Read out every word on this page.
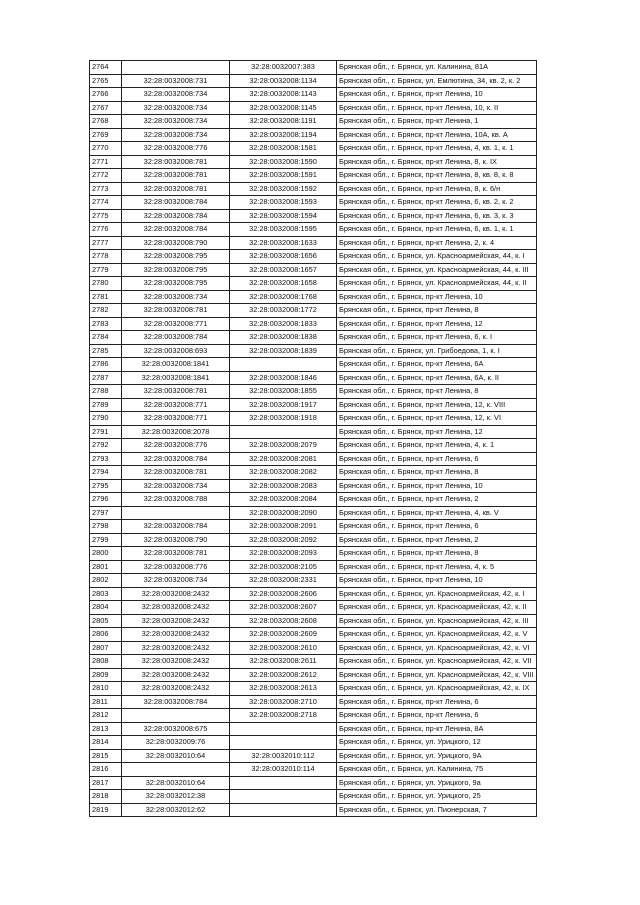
2764		32:28:0032007:383	Брянская обл., г. Брянск, ул. Калинина, 81А
2765	32:28:0032008:731	32:28:0032008:1134	Брянская обл., г. Брянск, ул. Емлютина, 34, кв. 2, к. 2
2766	32:28:0032008:734	32:28:0032008:1143	Брянская обл., г. Брянск, пр-кт Ленина, 10
2767	32:28:0032008:734	32:28:0032008:1145	Брянская обл., г. Брянск, пр-кт Ленина, 10, к. II
2768	32:28:0032008:734	32:28:0032008:1191	Брянская обл., г. Брянск, пр-кт Ленина, 1
2769	32:28:0032008:734	32:28:0032008:1194	Брянская обл., г. Брянск, пр-кт Ленина, 10А, кв. А
2770	32:28:0032008:776	32:28:0032008:1581	Брянская обл., г. Брянск, пр-кт Ленина, 4, кв. 1, к. 1
2771	32:28:0032008:781	32:28:0032008:1590	Брянская обл., г. Брянск, пр-кт Ленина, 8, к. IX
2772	32:28:0032008:781	32:28:0032008:1591	Брянская обл., г. Брянск, пр-кт Ленина, 8, кв. 8, к. 8
2773	32:28:0032008:781	32:28:0032008:1592	Брянская обл., г. Брянск, пр-кт Ленина, 8, к. 6/н
2774	32:28:0032008:784	32:28:0032008:1593	Брянская обл., г. Брянск, пр-кт Ленина, 6, кв. 2, к. 2
2775	32:28:0032008:784	32:28:0032008:1594	Брянская обл., г. Брянск, пр-кт Ленина, 6, кв. 3, к. 3
2776	32:28:0032008:784	32:28:0032008:1595	Брянская обл., г. Брянск, пр-кт Ленина, 6, кв. 1, к. 1
2777	32:28:0032008:790	32:28:0032008:1633	Брянская обл., г. Брянск, пр-кт Ленина, 2, к. 4
2778	32:28:0032008:795	32:28:0032008:1656	Брянская обл., г. Брянск, ул. Красноармейская, 44, к. I
2779	32:28:0032008:795	32:28:0032008:1657	Брянская обл., г. Брянск, ул. Красноармейская, 44, к. III
2780	32:28:0032008:795	32:28:0032008:1658	Брянская обл., г. Брянск, ул. Красноармейская, 44, к. II
2781	32:28:0032008:734	32:28:0032008:1768	Брянская обл., г. Брянск, пр-кт Ленина, 10
2782	32:28:0032008:781	32:28:0032008:1772	Брянская обл., г. Брянск, пр-кт Ленина, 8
2783	32:28:0032008:771	32:28:0032008:1833	Брянская обл., г. Брянск, пр-кт Ленина, 12
2784	32:28:0032008:784	32:28:0032008:1838	Брянская обл., г. Брянск, пр-кт Ленина, 6, к. I
2785	32:28:0032008:693	32:28:0032008:1839	Брянская обл., г. Брянск, ул. Грибоедова, 1, к. I
2786	32:28:0032008:1841		Брянская обл., г. Брянск, пр-кт Ленина, 6А
2787	32:28:0032008:1841	32:28:0032008:1846	Брянская обл., г. Брянск, пр-кт Ленина, 6А, к. II
2788	32:28:0032008:781	32:28:0032008:1855	Брянская обл., г. Брянск, пр-кт Ленина, 8
2789	32:28:0032008:771	32:28:0032008:1917	Брянская обл., г. Брянск, пр-кт Ленина, 12, к. VIII
2790	32:28:0032008:771	32:28:0032008:1918	Брянская обл., г. Брянск, пр-кт Ленина, 12, к. VI
2791	32:28:0032008:2078		Брянская обл., г. Брянск, пр-кт Ленина, 12
2792	32:28:0032008:776	32:28:0032008:2079	Брянская обл., г. Брянск, пр-кт Ленина, 4, к. 1
2793	32:28:0032008:784	32:28:0032008:2081	Брянская обл., г. Брянск, пр-кт Ленина, 6
2794	32:28:0032008:781	32:28:0032008:2082	Брянская обл., г. Брянск, пр-кт Ленина, 8
2795	32:28:0032008:734	32:28:0032008:2083	Брянская обл., г. Брянск, пр-кт Ленина, 10
2796	32:28:0032008:788	32:28:0032008:2084	Брянская обл., г. Брянск, пр-кт Ленина, 2
2797		32:28:0032008:2090	Брянская обл., г. Брянск, пр-кт Ленина, 4, кв. V
2798	32:28:0032008:784	32:28:0032008:2091	Брянская обл., г. Брянск, пр-кт Ленина, 6
2799	32:28:0032008:790	32:28:0032008:2092	Брянская обл., г. Брянск, пр-кт Ленина, 2
2800	32:28:0032008:781	32:28:0032008:2093	Брянская обл., г. Брянск, пр-кт Ленина, 8
2801	32:28:0032008:776	32:28:0032008:2105	Брянская обл., г. Брянск, пр-кт Ленина, 4, к. 5
2802	32:28:0032008:734	32:28:0032008:2331	Брянская обл., г. Брянск, пр-кт Ленина, 10
2803	32:28:0032008:2432	32:28:0032008:2606	Брянская обл., г. Брянск, ул. Красноармейская, 42, к. I
2804	32:28:0032008:2432	32:28:0032008:2607	Брянская обл., г. Брянск, ул. Красноармейская, 42, к. II
2805	32:28:0032008:2432	32:28:0032008:2608	Брянская обл., г. Брянск, ул. Красноармейская, 42, к. III
2806	32:28:0032008:2432	32:28:0032008:2609	Брянская обл., г. Брянск, ул. Красноармейская, 42, к. V
2807	32:28:0032008:2432	32:28:0032008:2610	Брянская обл., г. Брянск, ул. Красноармейская, 42, к. VI
2808	32:28:0032008:2432	32:28:0032008:2611	Брянская обл., г. Брянск, ул. Красноармейская, 42, к. VII
2809	32:28:0032008:2432	32:28:0032008:2612	Брянская обл., г. Брянск, ул. Красноармейская, 42, к. VIII
2810	32:28:0032008:2432	32:28:0032008:2613	Брянская обл., г. Брянск, ул. Красноармейская, 42, к. IX
2811	32:28:0032008:784	32:28:0032008:2710	Брянская обл., г. Брянск, пр-кт Ленина, 6
2812		32:28:0032008:2718	Брянская обл., г. Брянск, пр-кт Ленина, 6
2813	32:28:0032008:675		Брянская обл., г. Брянск, пр-кт Ленина, 8А
2814	32:28:0032009:76		Брянская обл., г. Брянск, ул. Урицкого, 12
2815	32:28:0032010:64	32:28:0032010:112	Брянская обл., г. Брянск, ул. Урицкого, 9А
2816		32:28:0032010:114	Брянская обл., г. Брянск, ул. Калинина, 75
2817	32:28:0032010:64		Брянская обл., г. Брянск, ул. Урицкого, 9а
2818	32:28:0032012:38		Брянская обл., г. Брянск, ул. Урицкого, 25
2819	32:28:0032012:62		Брянская обл., г. Брянск, ул. Пионерская, 7
